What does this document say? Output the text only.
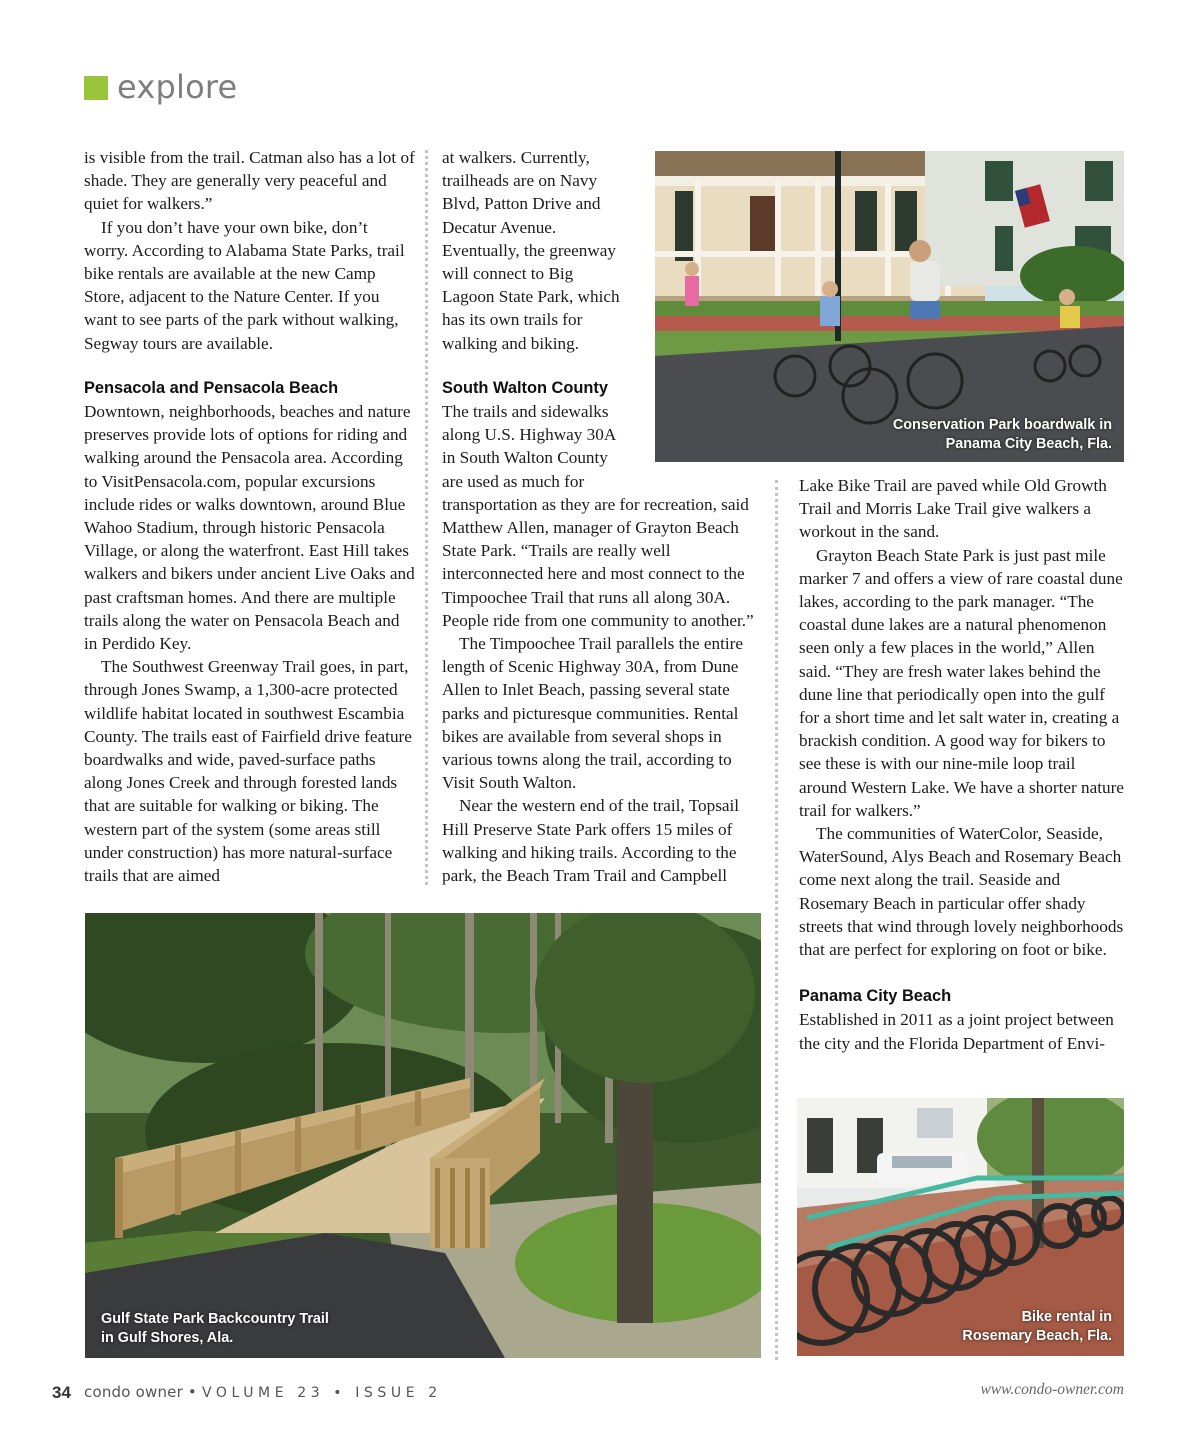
explore

is visible from the trail. Catman also has a lot of shade. They are generally very peaceful and quiet for walkers.”

If you don’t have your own bike, don’t worry. According to Alabama State Parks, trail bike rentals are available at the new Camp Store, adjacent to the Nature Center. If you want to see parts of the park without walking, Segway tours are available.

Pensacola and Pensacola Beach

Downtown, neighborhoods, beaches and nature preserves provide lots of options for riding and walking around the Pensacola area. According to VisitPensacola.com, popular excursions include rides or walks downtown, around Blue Wahoo Stadium, through historic Pensacola Village, or along the waterfront. East Hill takes walkers and bikers under ancient Live Oaks and past craftsman homes. And there are multiple trails along the water on Pensacola Beach and in Perdido Key.

The Southwest Greenway Trail goes, in part, through Jones Swamp, a 1,300-acre protected wildlife habitat located in southwest Escambia County. The trails east of Fairfield drive feature boardwalks and wide, paved-surface paths along Jones Creek and through forested lands that are suitable for walking or biking. The western part of the system (some areas still under construction) has more natural-surface trails that are aimed

at walkers. Currently, trailheads are on Navy Blvd, Patton Drive and Decatur Avenue. Eventually, the greenway will connect to Big Lagoon State Park, which has its own trails for walking and biking.

South Walton County

The trails and sidewalks along U.S. Highway 30A in South Walton County are used as much for

transportation as they are for recreation, said Matthew Allen, manager of Grayton Beach State Park. “Trails are really well interconnected here and most connect to the Timpoochee Trail that runs all along 30A. People ride from one community to another.”

The Timpoochee Trail parallels the entire length of Scenic Highway 30A, from Dune Allen to Inlet Beach, passing several state parks and picturesque communities. Rental bikes are available from several shops in various towns along the trail, according to Visit South Walton.

Near the western end of the trail, Topsail Hill Preserve State Park offers 15 miles of walking and hiking trails. According to the park, the Beach Tram Trail and Campbell

Lake Bike Trail are paved while Old Growth Trail and Morris Lake Trail give walkers a workout in the sand.

Grayton Beach State Park is just past mile marker 7 and offers a view of rare coastal dune lakes, according to the park manager. “The coastal dune lakes are a natural phenomenon seen only a few places in the world,” Allen said. “They are fresh water lakes behind the dune line that periodically open into the gulf for a short time and let salt water in, creating a brackish condition. A good way for bikers to see these is with our nine-mile loop trail around Western Lake. We have a shorter nature trail for walkers.”

The communities of WaterColor, Seaside, WaterSound, Alys Beach and Rosemary Beach come next along the trail. Seaside and Rosemary Beach in particular offer shady streets that wind through lovely neighborhoods that are perfect for exploring on foot or bike.

Panama City Beach

Established in 2011 as a joint project between the city and the Florida Department of Envi-

Conservation Park boardwalk in
Panama City Beach, Fla.
Gulf State Park Backcountry Trail
in Gulf Shores, Ala.
Bike rental in
Rosemary Beach, Fla.
34 condo owner • VOLUME 23 • ISSUE 2	www.condo-owner.com
